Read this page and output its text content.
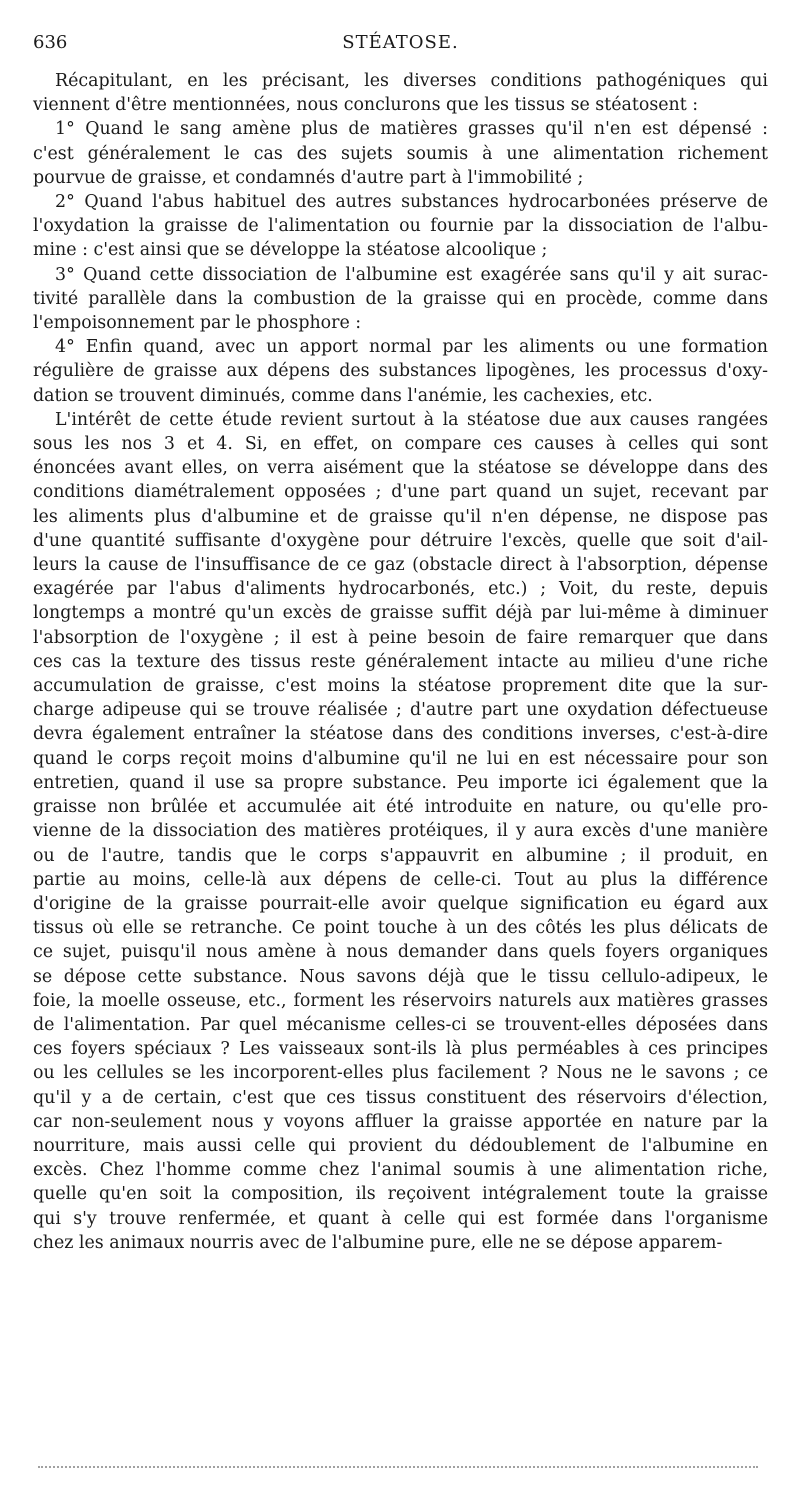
636	STÉATOSE.
Récapitulant, en les précisant, les diverses conditions pathogéniques qui
viennent d'être mentionnées, nous conclurons que les tissus se stéatosent :
1° Quand le sang amène plus de matières grasses qu'il n'en est dépensé :
c'est généralement le cas des sujets soumis à une alimentation richement
pourvue de graisse, et condamnés d'autre part à l'immobilité ;
2° Quand l'abus habituel des autres substances hydrocarbonées préserve de
l'oxydation la graisse de l'alimentation ou fournie par la dissociation de l'albu-
mine : c'est ainsi que se développe la stéatose alcoolique ;
3° Quand cette dissociation de l'albumine est exagérée sans qu'il y ait surac-
tivité parallèle dans la combustion de la graisse qui en procède, comme dans
l'empoisonnement par le phosphore :
4° Enfin quand, avec un apport normal par les aliments ou une formation
régulière de graisse aux dépens des substances lipogènes, les processus d'oxy-
dation se trouvent diminués, comme dans l'anémie, les cachexies, etc.
L'intérêt de cette étude revient surtout à la stéatose due aux causes rangées
sous les nos 3 et 4. Si, en effet, on compare ces causes à celles qui sont
énoncées avant elles, on verra aisément que la stéatose se développe dans des
conditions diamétralement opposées ; d'une part quand un sujet, recevant par
les aliments plus d'albumine et de graisse qu'il n'en dépense, ne dispose pas
d'une quantité suffisante d'oxygène pour détruire l'excès, quelle que soit d'ail-
leurs la cause de l'insuffisance de ce gaz (obstacle direct à l'absorption, dépense
exagérée par l'abus d'aliments hydrocarbonés, etc.) ; Voit, du reste, depuis
longtemps a montré qu'un excès de graisse suffit déjà par lui-même à diminuer
l'absorption de l'oxygène ; il est à peine besoin de faire remarquer que dans
ces cas la texture des tissus reste généralement intacte au milieu d'une riche
accumulation de graisse, c'est moins la stéatose proprement dite que la sur-
charge adipeuse qui se trouve réalisée ; d'autre part une oxydation défectueuse
devra également entraîner la stéatose dans des conditions inverses, c'est-à-dire
quand le corps reçoit moins d'albumine qu'il ne lui en est nécessaire pour son
entretien, quand il use sa propre substance. Peu importe ici également que la
graisse non brûlée et accumulée ait été introduite en nature, ou qu'elle pro-
vienne de la dissociation des matières protéiques, il y aura excès d'une manière
ou de l'autre, tandis que le corps s'appauvrit en albumine ; il produit, en
partie au moins, celle-là aux dépens de celle-ci. Tout au plus la différence
d'origine de la graisse pourrait-elle avoir quelque signification eu égard aux
tissus où elle se retranche. Ce point touche à un des côtés les plus délicats de
ce sujet, puisqu'il nous amène à nous demander dans quels foyers organiques
se dépose cette substance. Nous savons déjà que le tissu cellulo-adipeux, le
foie, la moelle osseuse, etc., forment les réservoirs naturels aux matières grasses
de l'alimentation. Par quel mécanisme celles-ci se trouvent-elles déposées dans
ces foyers spéciaux ? Les vaisseaux sont-ils là plus perméables à ces principes
ou les cellules se les incorporent-elles plus facilement ? Nous ne le savons ; ce
qu'il y a de certain, c'est que ces tissus constituent des réservoirs d'élection,
car non-seulement nous y voyons affluer la graisse apportée en nature par la
nourriture, mais aussi celle qui provient du dédoublement de l'albumine en
excès. Chez l'homme comme chez l'animal soumis à une alimentation riche,
quelle qu'en soit la composition, ils reçoivent intégralement toute la graisse
qui s'y trouve renfermée, et quant à celle qui est formée dans l'organisme
chez les animaux nourris avec de l'albumine pure, elle ne se dépose apparem-
